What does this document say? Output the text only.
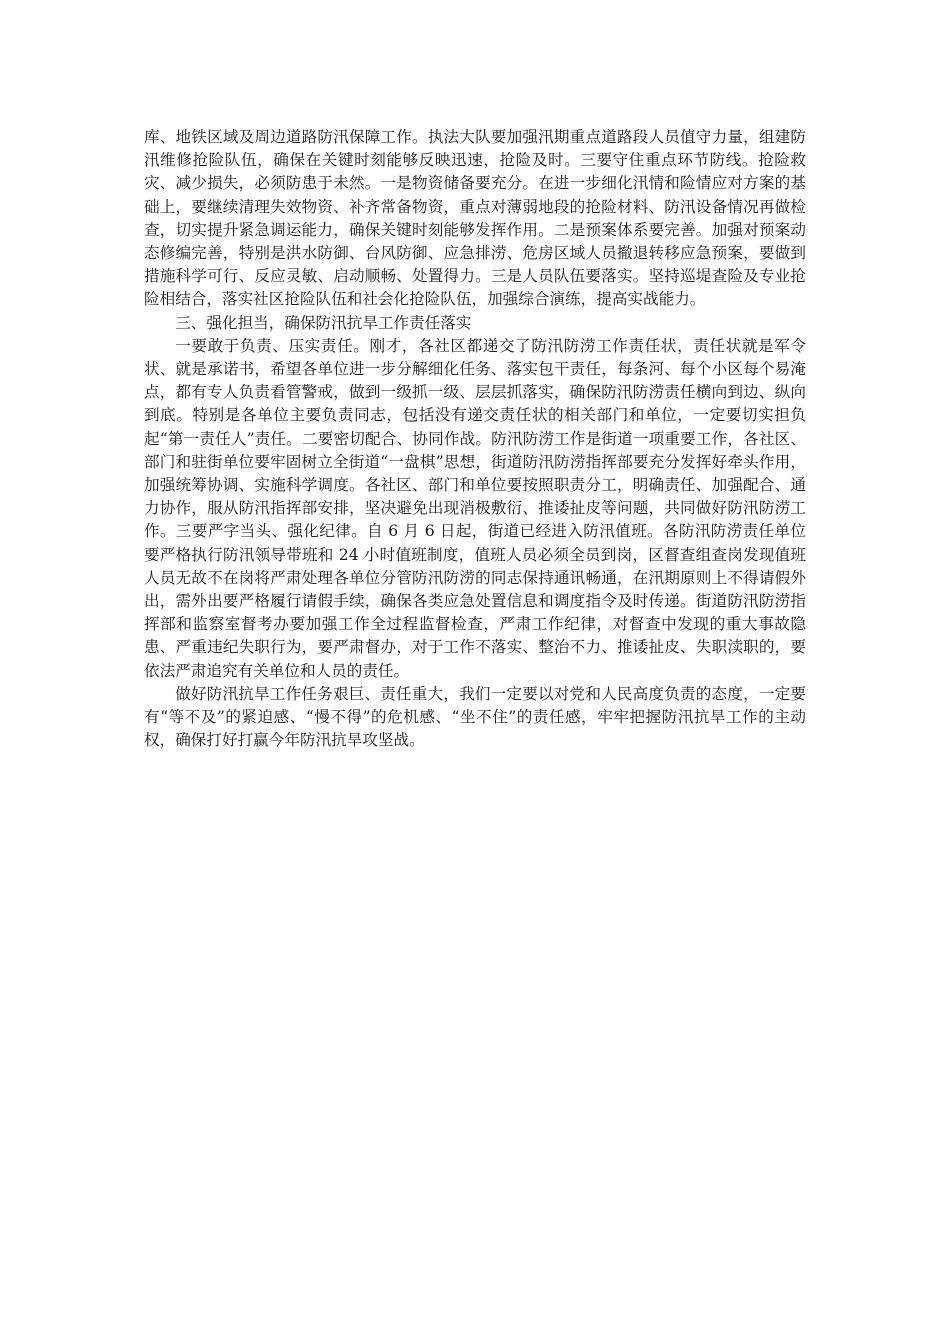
库、地铁区域及周边道路防汛保障工作。执法大队要加强汛期重点道路段人员值守力量，组建防汛维修抢险队伍，确保在关键时刻能够反映迅速，抢险及时。三要守住重点环节防线。抢险救灾、减少损失，必须防患于未然。一是物资储备要充分。在进一步细化汛情和险情应对方案的基础上，要继续清理失效物资、补齐常备物资，重点对薄弱地段的抢险材料、防汛设备情况再做检查，切实提升紧急调运能力，确保关键时刻能够发挥作用。二是预案体系要完善。加强对预案动态修编完善，特别是洪水防御、台风防御、应急排涝、危房区域人员撤退转移应急预案，要做到措施科学可行、反应灵敏、启动顺畅、处置得力。三是人员队伍要落实。坚持巡堤查险及专业抢险相结合，落实社区抢险队伍和社会化抢险队伍，加强综合演练，提高实战能力。

三、强化担当，确保防汛抗旱工作责任落实

一要敢于负责、压实责任。刚才，各社区都递交了防汛防涝工作责任状，责任状就是军令状、就是承诺书，希望各单位进一步分解细化任务、落实包干责任，每条河、每个小区每个易淹点，都有专人负责看管警戒，做到一级抓一级、层层抓落实，确保防汛防涝责任横向到边、纵向到底。特别是各单位主要负责同志，包括没有递交责任状的相关部门和单位，一定要切实担负起“第一责任人”责任。二要密切配合、协同作战。防汛防涝工作是街道一项重要工作，各社区、部门和驻街单位要牢固树立全街道“一盘棋”思想，街道防汛防涝指挥部要充分发挥好牵头作用，加强统筹协调、实施科学调度。各社区、部门和单位要按照职责分工，明确责任、加强配合、通力协作，服从防汛指挥部安排，坚决避免出现消极敷衍、推诿扯皮等问题，共同做好防汛防涝工作。三要严字当头、强化纪律。自 6 月 6 日起，街道已经进入防汛值班。各防汛防涝责任单位要严格执行防汛领导带班和 24 小时值班制度，值班人员必须全员到岗，区督查组查岗发现值班人员无故不在岗将严肃处理各单位分管防汛防涝的同志保持通讯畅通，在汛期原则上不得请假外出，需外出要严格履行请假手续，确保各类应急处置信息和调度指令及时传递。街道防汛防涝指挥部和监察室督考办要加强工作全过程监督检查，严肃工作纪律，对督查中发现的重大事故隐患、严重违纪失职行为，要严肃督办，对于工作不落实、整治不力、推诿扯皮、失职渎职的，要依法严肃追究有关单位和人员的责任。

做好防汛抗旱工作任务艰巨、责任重大，我们一定要以对党和人民高度负责的态度，一定要有“等不及”的紧迫感、“慢不得”的危机感、“坐不住”的责任感，牢牢把握防汛抗旱工作的主动权，确保打好打赢今年防汛抗旱攻坚战。
